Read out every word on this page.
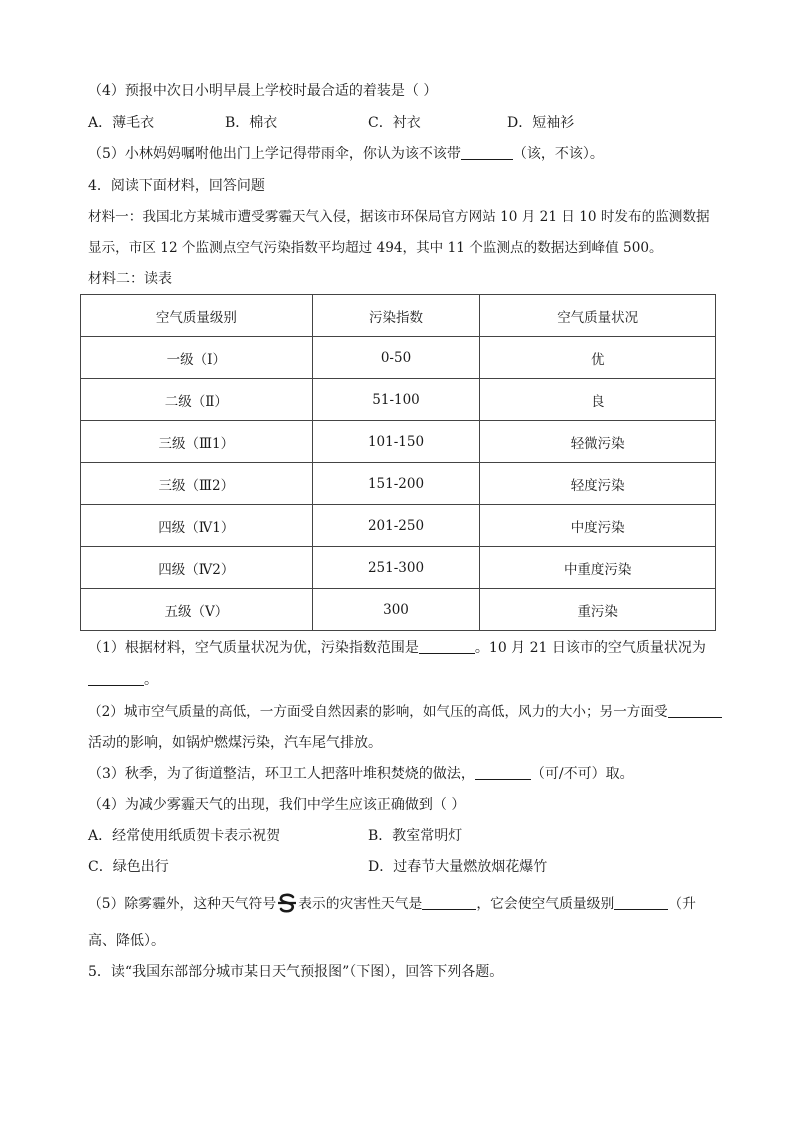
（4）预报中次日小明早晨上学校时最合适的着装是（ ）
A．薄毛衣	B．棉衣	C．衬衣	D．短袖衫
（5）小林妈妈嘱咐他出门上学记得带雨伞，你认为该不该带	（该，不该）。
4．阅读下面材料，回答问题
材料一：我国北方某城市遭受雾霾天气入侵，据该市环保局官方网站 10 月 21 日 10 时发布的监测数据
显示，市区 12 个监测点空气污染指数平均超过 494，其中 11 个监测点的数据达到峰值 500。
材料二：读表
空气质量级别	污染指数	空气质量状况
一级（Ⅰ）	0-50	优
二级（Ⅱ）	51-100	良
三级（Ⅲ1）	101-150	轻微污染
三级（Ⅲ2）	151-200	轻度污染
四级（Ⅳ1）	201-250	中度污染
四级（Ⅳ2）	251-300	中重度污染
五级（Ⅴ）	300	重污染
（1）根据材料，空气质量状况为优，污染指数范围是	。10 月 21 日该市的空气质量状况为
。
（2）城市空气质量的高低，一方面受自然因素的影响，如气压的高低，风力的大小；另一方面受
活动的影响，如锅炉燃煤污染，汽车尾气排放。
（3）秋季，为了街道整洁，环卫工人把落叶堆积焚烧的做法，	（可/不可）取。
（4）为减少雾霾天气的出现，我们中学生应该正确做到（ ）
A．经常使用纸质贺卡表示祝贺	B．教室常明灯
C．绿色出行	D．过春节大量燃放烟花爆竹
（5）除雾霾外，这种天气符号 表示的灾害性天气是	，它会使空气质量级别	（升
高、降低）。
5．读“我国东部部分城市某日天气预报图”（下图），回答下列各题。
